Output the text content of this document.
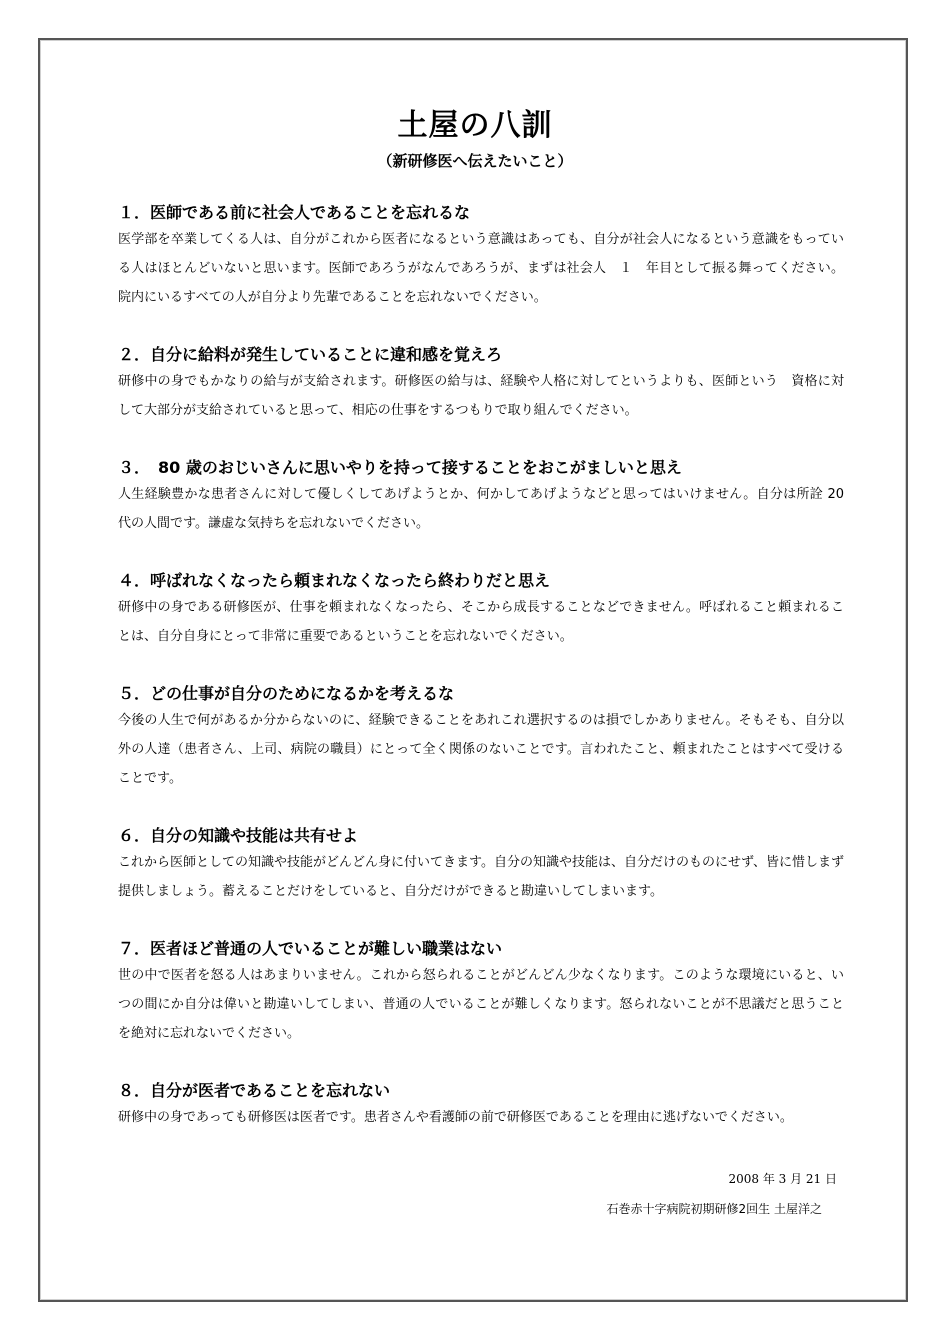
土屋の八訓
（新研修医へ伝えたいこと）

１．医師である前に社会人であることを忘れるな

医学部を卒業してくる人は、自分がこれから医者になるという意識はあっても、自分が社会人になるという意識をもっている人はほとんどいないと思います。医師であろうがなんであろうが、まずは社会人　１　年目として振る舞ってください。院内にいるすべての人が自分より先輩であることを忘れないでください。

２．自分に給料が発生していることに違和感を覚えろ

研修中の身でもかなりの給与が支給されます。研修医の給与は、経験や人格に対してというよりも、医師という　資格に対して大部分が支給されていると思って、相応の仕事をするつもりで取り組んでください。

３．　80 歳のおじいさんに思いやりを持って接することをおこがましいと思え

人生経験豊かな患者さんに対して優しくしてあげようとか、何かしてあげようなどと思ってはいけません。自分は所詮 20 代の人間です。謙虚な気持ちを忘れないでください。

４．呼ばれなくなったら頼まれなくなったら終わりだと思え

研修中の身である研修医が、仕事を頼まれなくなったら、そこから成長することなどできません。呼ばれること頼まれることは、自分自身にとって非常に重要であるということを忘れないでください。

５．どの仕事が自分のためになるかを考えるな

今後の人生で何があるか分からないのに、経験できることをあれこれ選択するのは損でしかありません。そもそも、自分以外の人達（患者さん、上司、病院の職員）にとって全く関係のないことです。言われたこと、頼まれたことはすべて受けることです。

６．自分の知識や技能は共有せよ

これから医師としての知識や技能がどんどん身に付いてきます。自分の知識や技能は、自分だけのものにせず、皆に惜しまず提供しましょう。蓄えることだけをしていると、自分だけができると勘違いしてしまいます。

７．医者ほど普通の人でいることが難しい職業はない

世の中で医者を怒る人はあまりいません。これから怒られることがどんどん少なくなります。このような環境にいると、いつの間にか自分は偉いと勘違いしてしまい、普通の人でいることが難しくなります。怒られないことが不思議だと思うことを絶対に忘れないでください。

８．自分が医者であることを忘れない

研修中の身であっても研修医は医者です。患者さんや看護師の前で研修医であることを理由に逃げないでください。

2008 年 3 月 21 日
石巻赤十字病院初期研修2回生 土屋洋之
